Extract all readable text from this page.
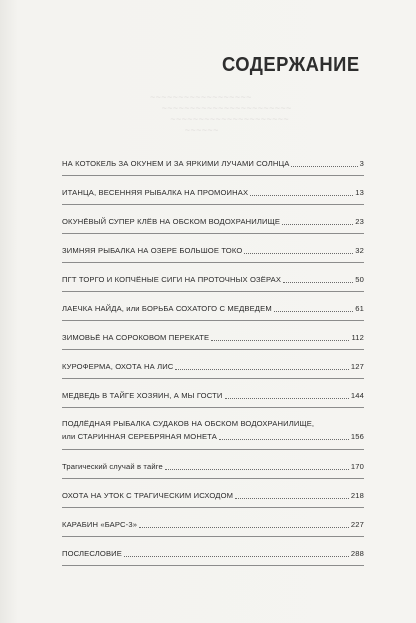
~~~~~~~~~~~~~~~~~~
~~~~~~~~~~~~~~~~~~~~~~~
~~~~~~~~~~~~~~~~~~~~~
~~~~~~
СОДЕРЖАНИЕ
НА КОТОКЕЛЬ ЗА ОКУНЕМ И ЗА ЯРКИМИ ЛУЧАМИ СОЛНЦА	3
ИТАНЦА, ВЕСЕННЯЯ РЫБАЛКА НА ПРОМОИНАХ	13
ОКУНЁВЫЙ СУПЕР КЛЁВ НА ОБСКОМ ВОДОХРАНИЛИЩЕ	23
ЗИМНЯЯ РЫБАЛКА НА ОЗЕРЕ БОЛЬШОЕ ТОКО	32
ПГТ ТОРГО И КОПЧЁНЫЕ СИГИ НА ПРОТОЧНЫХ ОЗЁРАХ	50
ЛАЕЧКА НАЙДА, или БОРЬБА СОХАТОГО С МЕДВЕДЕМ	61
ЗИМОВЬЁ НА СОРОКОВОМ ПЕРЕКАТЕ	112
КУРОФЕРМА, ОХОТА НА ЛИС	127
МЕДВЕДЬ В ТАЙГЕ ХОЗЯИН, А МЫ ГОСТИ	144
ПОДЛЁДНАЯ РЫБАЛКА СУДАКОВ НА ОБСКОМ ВОДОХРАНИЛИЩЕ,
или СТАРИННАЯ СЕРЕБРЯНАЯ МОНЕТА	156
Трагический случай в тайге	170
ОХОТА НА УТОК С ТРАГИЧЕСКИМ ИСХОДОМ	218
КАРАБИН «БАРС-3»	227
ПОСЛЕСЛОВИЕ	288
